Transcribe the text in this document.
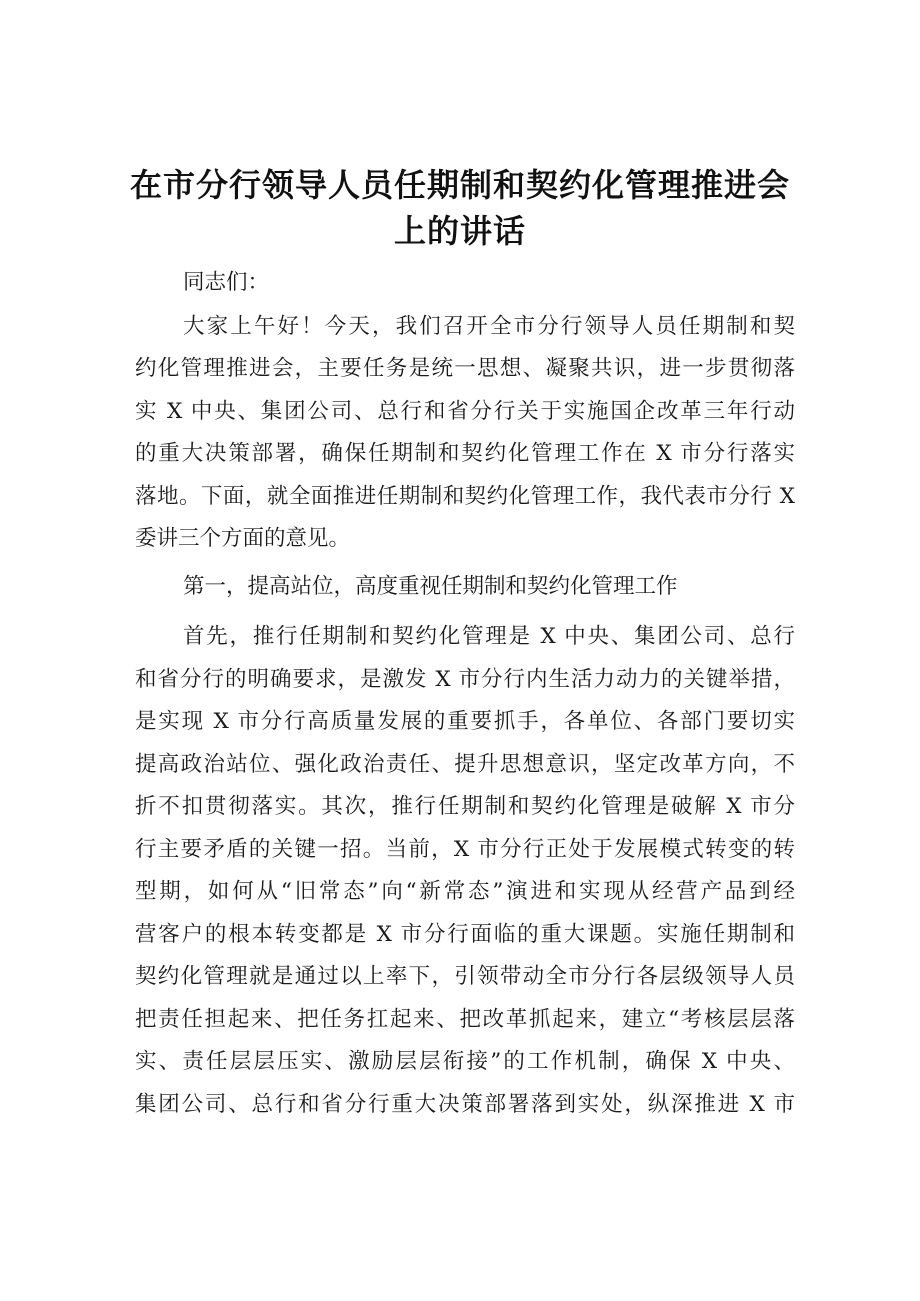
在市分行领导人员任期制和契约化管理推进会
上的讲话
同志们：
大家上午好！今天，我们召开全市分行领导人员任期制和契
约化管理推进会，主要任务是统一思想、凝聚共识，进一步贯彻落
实 X 中央、集团公司、总行和省分行关于实施国企改革三年行动
的重大决策部署，确保任期制和契约化管理工作在 X 市分行落实
落地。下面，就全面推进任期制和契约化管理工作，我代表市分行 X
委讲三个方面的意见。
第一，提高站位，高度重视任期制和契约化管理工作
首先，推行任期制和契约化管理是 X 中央、集团公司、总行
和省分行的明确要求，是激发 X 市分行内生活力动力的关键举措，
是实现 X 市分行高质量发展的重要抓手，各单位、各部门要切实
提高政治站位、强化政治责任、提升思想意识，坚定改革方向，不
折不扣贯彻落实。其次，推行任期制和契约化管理是破解 X 市分
行主要矛盾的关键一招。当前，X 市分行正处于发展模式转变的转
型期，如何从“旧常态”向“新常态”演进和实现从经营产品到经
营客户的根本转变都是 X 市分行面临的重大课题。实施任期制和
契约化管理就是通过以上率下，引领带动全市分行各层级领导人员
把责任担起来、把任务扛起来、把改革抓起来，建立“考核层层落
实、责任层层压实、激励层层衔接”的工作机制，确保 X 中央、
集团公司、总行和省分行重大决策部署落到实处，纵深推进 X 市
